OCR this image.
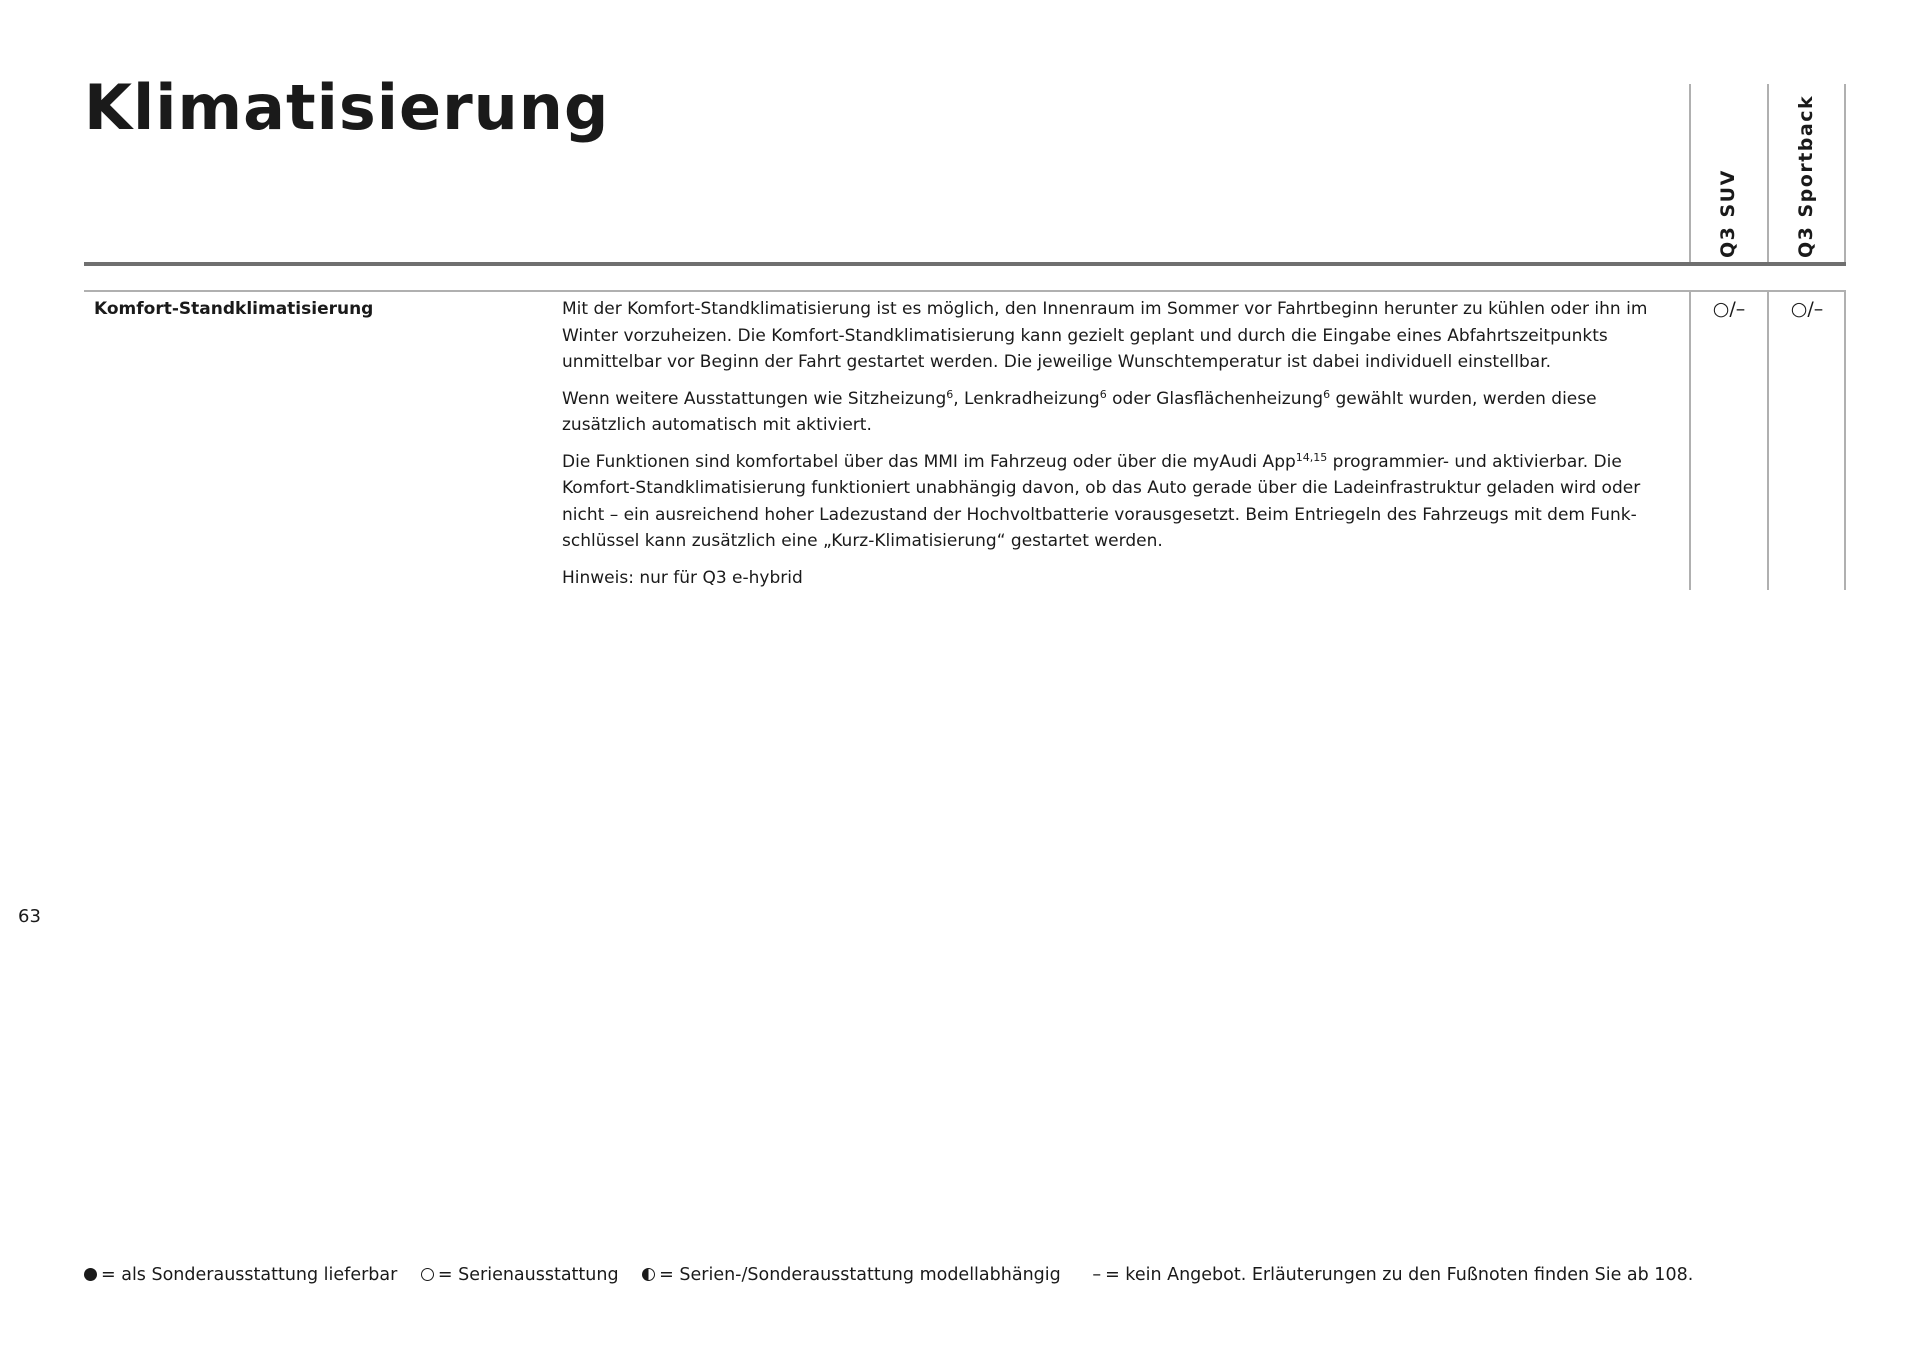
Klimatisierung
Q3 SUV	Q3 Sportback
Komfort-Standklimatisierung	Mit der Komfort-Standklimatisierung ist es möglich, den Innenraum im Sommer vor Fahrtbeginn herunter zu kühlen oder ihn im Winter vorzuheizen. Die Komfort-Standklimatisierung kann gezielt geplant und durch die Eingabe eines Abfahrtszeitpunkts unmittelbar vor Beginn der Fahrt gestartet werden. Die jeweilige Wunschtemperatur ist dabei individuell einstellbar.

Wenn weitere Ausstattungen wie Sitzheizung$^6$, Lenkradheizung$^6$ oder Glasflächenheizung$^6$ gewählt wurden, werden diese zusätzlich automatisch mit aktiviert.

Die Funktionen sind komfortabel über das MMI im Fahrzeug oder über die myAudi App$^{14,15}$ programmier- und aktivierbar. Die Komfort-Standklimatisierung funktioniert unabhängig davon, ob das Auto gerade über die Ladeinfrastruktur geladen wird oder nicht – ein ausreichend hoher Ladezustand der Hochvoltbatterie vorausgesetzt. Beim Entriegeln des Fahrzeugs mit dem Funk-schlüssel kann zusätzlich eine „Kurz-Klimatisierung“ gestartet werden.

Hinweis: nur für Q3 e-hybrid

○/–	○/–
63
= als Sonderausstattung lieferbar = Serienausstattung = Serien-/Sonderausstattung modellabhängig – = kein Angebot. Erläuterungen zu den Fußnoten finden Sie ab 108.
